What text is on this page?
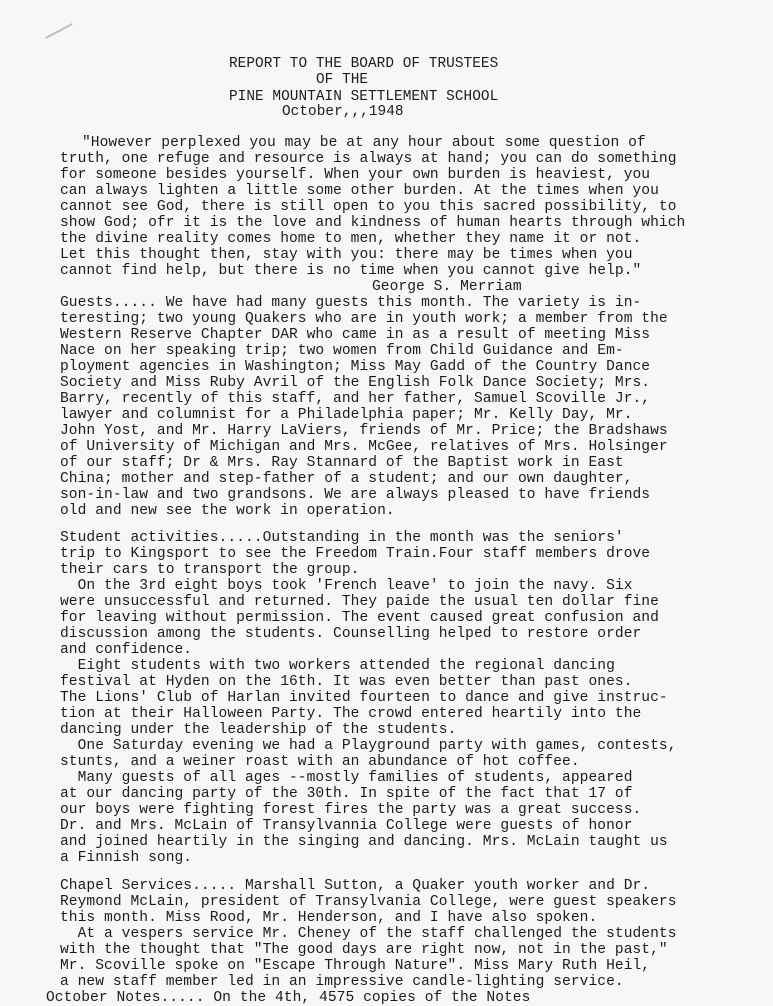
REPORT TO THE BOARD OF TRUSTEES
OF THE
PINE MOUNTAIN SETTLEMENT SCHOOL
October,,,1948
"However perplexed you may be at any hour about some question of
truth, one refuge and resource is always at hand; you can do something
for someone besides yourself. When your own burden is heaviest, you
can always lighten a little some other burden. At the times when you
cannot see God, there is still open to you this sacred possibility, to
show God; ofr it is the love and kindness of human hearts through which
the divine reality comes home to men, whether they name it or not.
Let this thought then, stay with you: there may be times when you
cannot find help, but there is no time when you cannot give help."
George S. Merriam
Guests..... We have had many guests this month. The variety is in-
teresting; two young Quakers who are in youth work; a member from the
Western Reserve Chapter DAR who came in as a result of meeting Miss
Nace on her speaking trip; two women from Child Guidance and Em-
ployment agencies in Washington; Miss May Gadd of the Country Dance
Society and Miss Ruby Avril of the English Folk Dance Society; Mrs.
Barry, recently of this staff, and her father, Samuel Scoville Jr.,
lawyer and columnist for a Philadelphia paper; Mr. Kelly Day, Mr.
John Yost, and Mr. Harry LaViers, friends of Mr. Price; the Bradshaws
of University of Michigan and Mrs. McGee, relatives of Mrs. Holsinger
of our staff; Dr & Mrs. Ray Stannard of the Baptist work in East
China; mother and step-father of a student; and our own daughter,
son-in-law and two grandsons. We are always pleased to have friends
old and new see the work in operation.
Student activities.....Outstanding in the month was the seniors'
trip to Kingsport to see the Freedom Train.Four staff members drove
their cars to transport the group.
On the 3rd eight boys took 'French leave' to join the navy. Six
were unsuccessful and returned. They paide the usual ten dollar fine
for leaving without permission. The event caused great confusion and
discussion among the students. Counselling helped to restore order
and confidence.
Eight students with two workers attended the regional dancing
festival at Hyden on the 16th. It was even better than past ones.
The Lions' Club of Harlan invited fourteen to dance and give instruc-
tion at their Halloween Party. The crowd entered heartily into the
dancing under the leadership of the students.
One Saturday evening we had a Playground party with games, contests,
stunts, and a weiner roast with an abundance of hot coffee.
Many guests of all ages --mostly families of students, appeared
at our dancing party of the 30th. In spite of the fact that 17 of
our boys were fighting forest fires the party was a great success.
Dr. and Mrs. McLain of Transylvannia College were guests of honor
and joined heartily in the singing and dancing. Mrs. McLain taught us
a Finnish song.
Chapel Services..... Marshall Sutton, a Quaker youth worker and Dr.
Reymond McLain, president of Transylvania College, were guest speakers
this month. Miss Rood, Mr. Henderson, and I have also spoken.
At a vespers service Mr. Cheney of the staff challenged the students
with the thought that "The good days are right now, not in the past,"
Mr. Scoville spoke on "Escape Through Nature". Miss Mary Ruth Heil,
a new staff member led in an impressive candle-lighting service.
October Notes..... On the 4th, 4575 copies of the Notes
